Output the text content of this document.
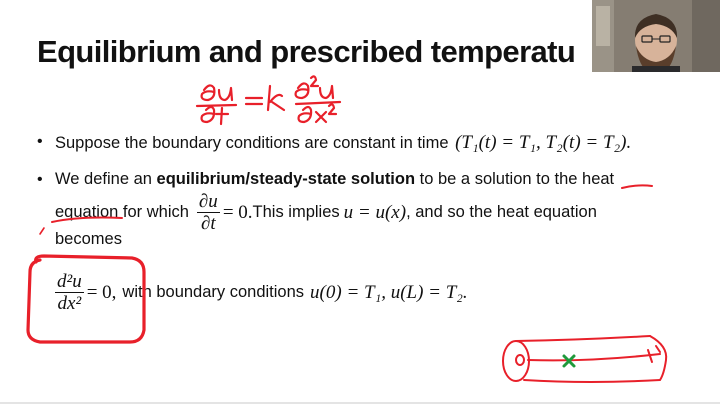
Equilibrium and prescribed temperatu
• Suppose the boundary conditions are constant in time (T₁(t) = T₁, T₂(t) = T₂).
• We define an equilibrium/steady-state solution to be a solution to the heat
equation for which $\frac{\partial u}{\partial t} = 0$. This implies u = u(x) , and so the heat equation
becomes
$\frac{\text{d²u}}{\text{dx²}} = 0$, with boundary conditions u(0) = T₁, u(L) = T₂.
